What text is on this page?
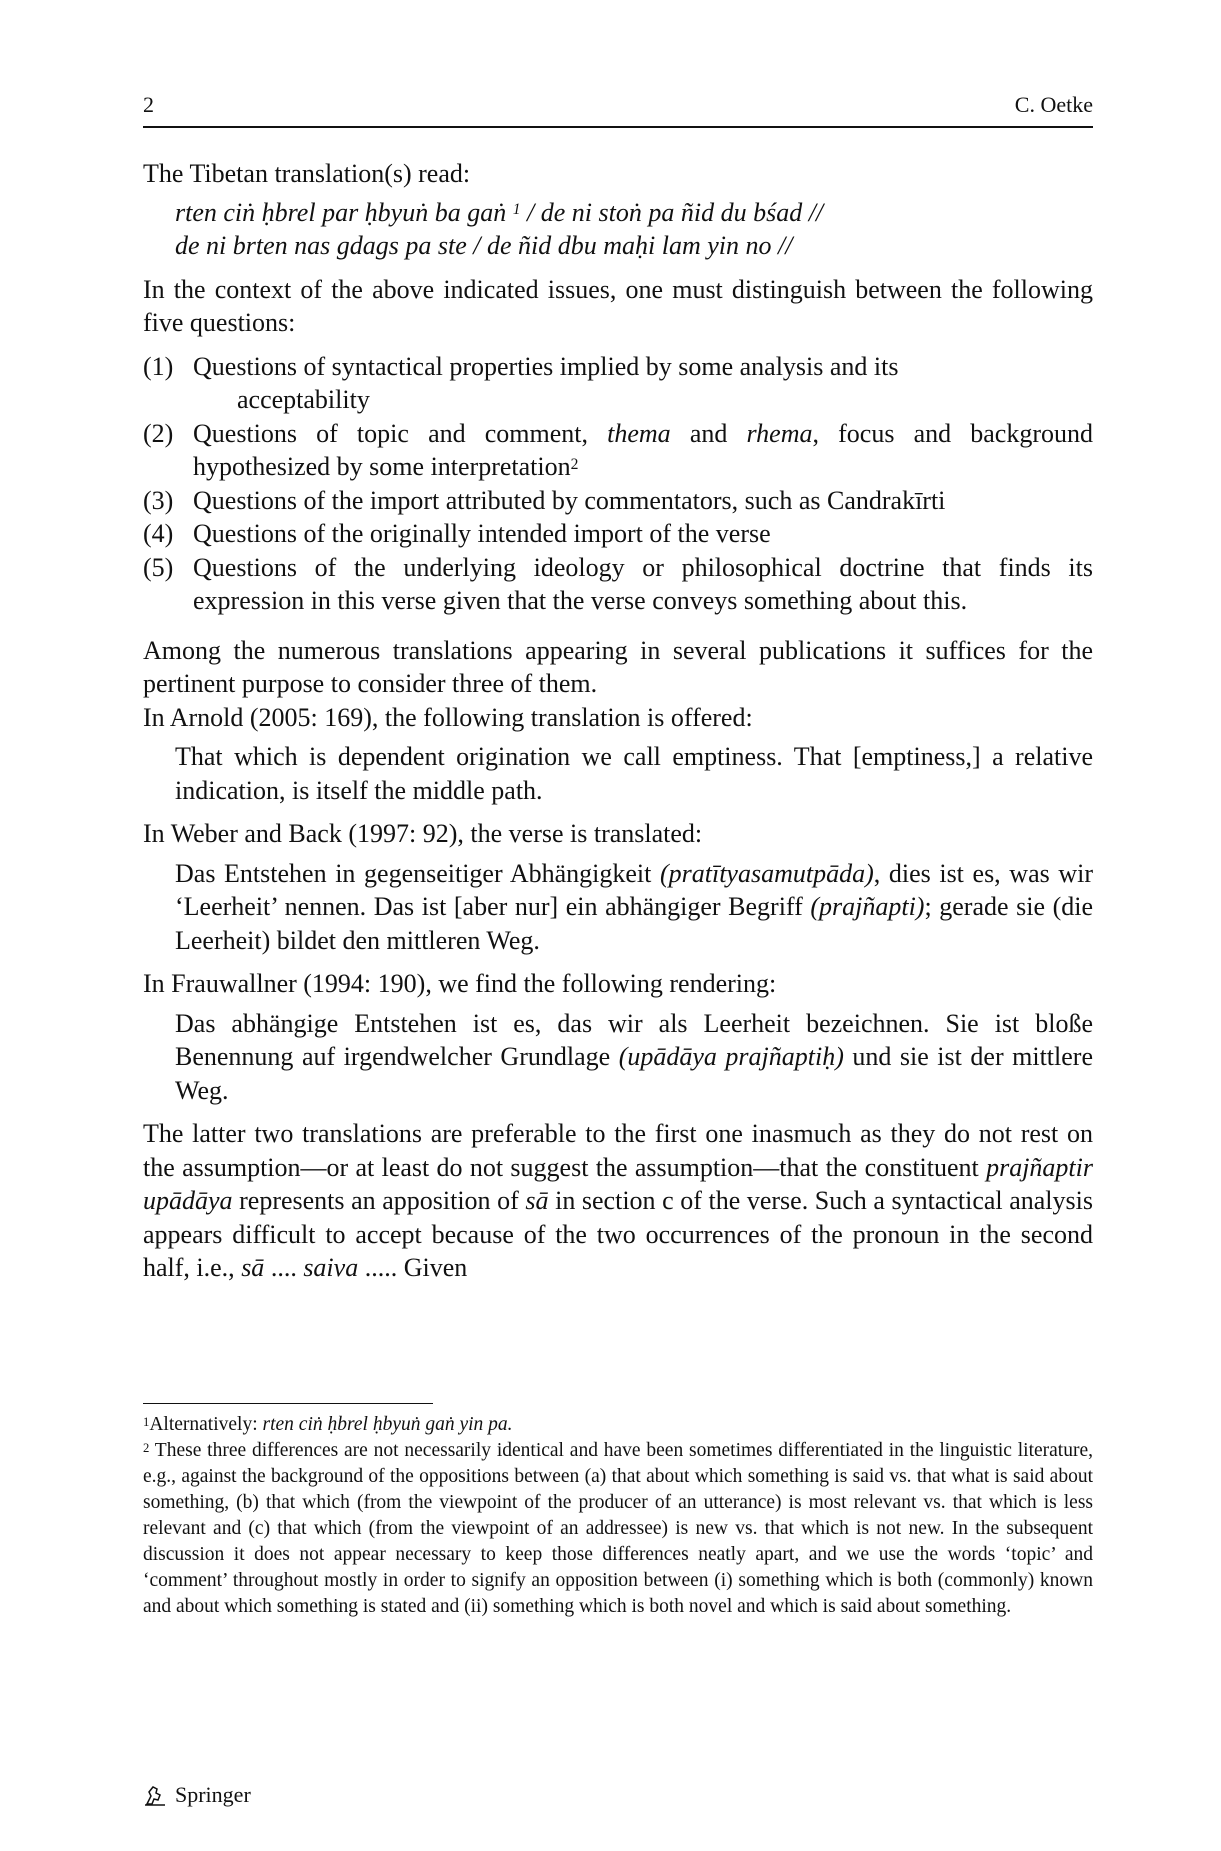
2	C. Oetke

The Tibetan translation(s) read:

rten ciṅ ḥbrel par ḥbyuṅ ba gaṅ $^1$ / de ni stoṅ pa ñid du bśad //
de ni brten nas gdags pa ste / de ñid dbu maḥi lam yin no //

In the context of the above indicated issues, one must distinguish between the following five questions:

(1) Questions of syntactical properties implied by some analysis and its
acceptability
(2) Questions of topic and comment, thema and rhema, focus and background hypothesized by some interpretation$^2$
(3) Questions of the import attributed by commentators, such as Candrakīrti
(4) Questions of the originally intended import of the verse
(5) Questions of the underlying ideology or philosophical doctrine that finds its expression in this verse given that the verse conveys something about this.

Among the numerous translations appearing in several publications it suffices for the pertinent purpose to consider three of them.

In Arnold (2005: 169), the following translation is offered:

That which is dependent origination we call emptiness. That [emptiness,] a relative indication, is itself the middle path.

In Weber and Back (1997: 92), the verse is translated:

Das Entstehen in gegenseitiger Abhängigkeit (pratītyasamutpāda), dies ist es, was wir ‘Leerheit’ nennen. Das ist [aber nur] ein abhängiger Begriff (prajñapti); gerade sie (die Leerheit) bildet den mittleren Weg.

In Frauwallner (1994: 190), we find the following rendering:

Das abhängige Entstehen ist es, das wir als Leerheit bezeichnen. Sie ist bloße Benennung auf irgendwelcher Grundlage (upādāya prajñaptiḥ) und sie ist der mittlere Weg.

The latter two translations are preferable to the first one inasmuch as they do not rest on the assumption—or at least do not suggest the assumption—that the constituent prajñaptir upādāya represents an apposition of sā in section c of the verse. Such a syntactical analysis appears difficult to accept because of the two occurrences of the pronoun in the second half, i.e., sā .... saiva ..... Given

$^1$Alternatively: rten ciṅ ḥbrel ḥbyuṅ gaṅ yin pa.

$^2$ These three differences are not necessarily identical and have been sometimes differentiated in the linguistic literature, e.g., against the background of the oppositions between (a) that about which something is said vs. that what is said about something, (b) that which (from the viewpoint of the producer of an utterance) is most relevant vs. that which is less relevant and (c) that which (from the viewpoint of an addressee) is new vs. that which is not new. In the subsequent discussion it does not appear necessary to keep those differences neatly apart, and we use the words ‘topic’ and ‘comment’ throughout mostly in order to signify an opposition between (i) something which is both (commonly) known and about which something is stated and (ii) something which is both novel and which is said about something.

Springer
